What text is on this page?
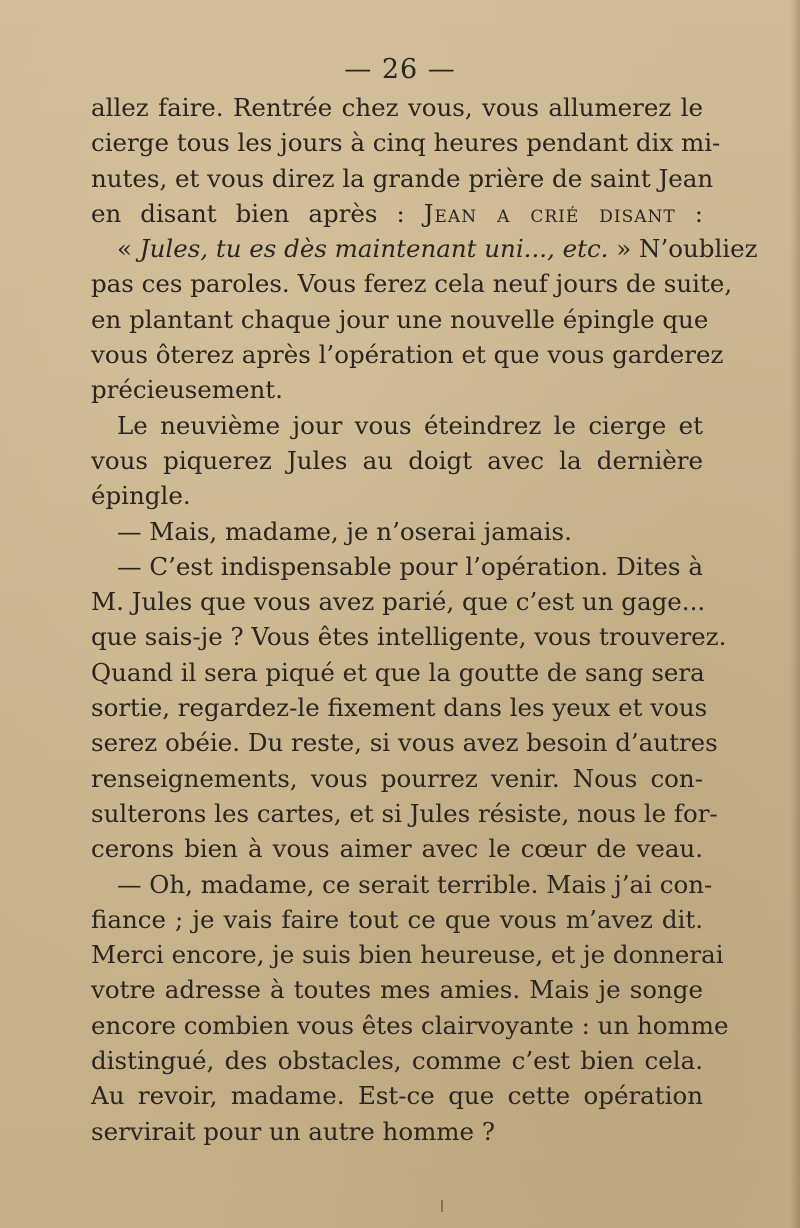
— 26 —
allez faire. Rentrée chez vous, vous allumerez le
cierge tous les jours à cinq heures pendant dix mi-
nutes, et vous direz la grande prière de saint Jean
en disant bien après : Jean a crié disant :
« Jules, tu es dès maintenant uni..., etc. » N’oubliez
pas ces paroles. Vous ferez cela neuf jours de suite,
en plantant chaque jour une nouvelle épingle que
vous ôterez après l’opération et que vous garderez
précieusement.
Le neuvième jour vous éteindrez le cierge et
vous piquerez Jules au doigt avec la dernière
épingle.
— Mais, madame, je n’oserai jamais.
— C’est indispensable pour l’opération. Dites à
M. Jules que vous avez parié, que c’est un gage...
que sais-je ? Vous êtes intelligente, vous trouverez.
Quand il sera piqué et que la goutte de sang sera
sortie, regardez-le fixement dans les yeux et vous
serez obéie. Du reste, si vous avez besoin d’autres
renseignements, vous pourrez venir. Nous con-
sulterons les cartes, et si Jules résiste, nous le for-
cerons bien à vous aimer avec le cœur de veau.
— Oh, madame, ce serait terrible. Mais j’ai con-
fiance ; je vais faire tout ce que vous m’avez dit.
Merci encore, je suis bien heureuse, et je donnerai
votre adresse à toutes mes amies. Mais je songe
encore combien vous êtes clairvoyante : un homme
distingué, des obstacles, comme c’est bien cela.
Au revoir, madame. Est-ce que cette opération
servirait pour un autre homme ?
